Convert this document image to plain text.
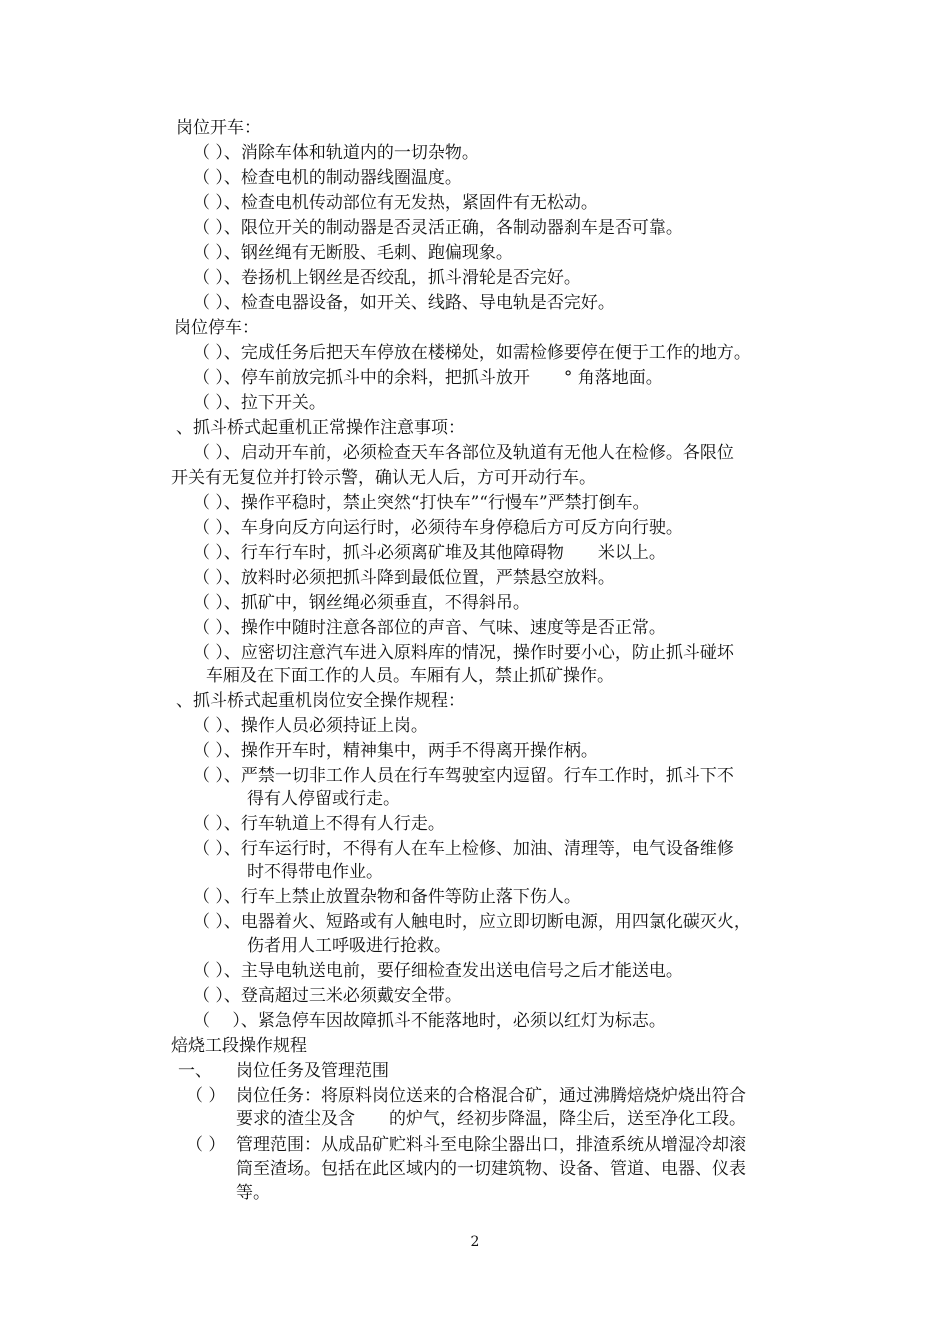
岗位开车：
（ ）、消除车体和轨道内的一切杂物。
（ ）、检查电机的制动器线圈温度。
（ ）、检查电机传动部位有无发热，紧固件有无松动。
（ ）、限位开关的制动器是否灵活正确，各制动器刹车是否可靠。
（ ）、钢丝绳有无断股、毛刺、跑偏现象。
（ ）、卷扬机上钢丝是否绞乱，抓斗滑轮是否完好。
（ ）、检查电器设备，如开关、线路、导电轨是否完好。
岗位停车：
（ ）、完成任务后把天车停放在楼梯处，如需检修要停在便于工作的地方。
（ ）、停车前放完抓斗中的余料，把抓斗放开　　° 角落地面。
（ ）、拉下开关。
、抓斗桥式起重机正常操作注意事项：
（ ）、启动开车前，必须检查天车各部位及轨道有无他人在检修。各限位
开关有无复位并打铃示警，确认无人后，方可开动行车。
（ ）、操作平稳时，禁止突然“打快车”“行慢车”严禁打倒车。
（ ）、车身向反方向运行时，必须待车身停稳后方可反方向行驶。
（ ）、行车行车时，抓斗必须离矿堆及其他障碍物　　米以上。
（ ）、放料时必须把抓斗降到最低位置，严禁悬空放料。
（ ）、抓矿中，钢丝绳必须垂直，不得斜吊。
（ ）、操作中随时注意各部位的声音、气味、速度等是否正常。
（ ）、应密切注意汽车进入原料库的情况，操作时要小心，防止抓斗碰坏
车厢及在下面工作的人员。车厢有人，禁止抓矿操作。
、抓斗桥式起重机岗位安全操作规程：
（ ）、操作人员必须持证上岗。
（ ）、操作开车时，精神集中，两手不得离开操作柄。
（ ）、严禁一切非工作人员在行车驾驶室内逗留。行车工作时，抓斗下不
得有人停留或行走。
（ ）、行车轨道上不得有人行走。
（ ）、行车运行时，不得有人在车上检修、加油、清理等，电气设备维修
时不得带电作业。
（ ）、行车上禁止放置杂物和备件等防止落下伤人。
（ ）、电器着火、短路或有人触电时，应立即切断电源，用四氯化碳灭火，
伤者用人工呼吸进行抢救。
（ ）、主导电轨送电前，要仔细检查发出送电信号之后才能送电。
（ ）、登高超过三米必须戴安全带。
（　 ）、紧急停车因故障抓斗不能落地时，必须以红灯为标志。
焙烧工段操作规程
一、 岗位任务及管理范围
（ ） 岗位任务：将原料岗位送来的合格混合矿，通过沸腾焙烧炉烧出符合
要求的渣尘及含　　的炉气，经初步降温，降尘后，送至净化工段。
（ ） 管理范围：从成品矿贮料斗至电除尘器出口，排渣系统从增湿冷却滚
筒至渣场。包括在此区域内的一切建筑物、设备、管道、电器、仪表
等。
2
